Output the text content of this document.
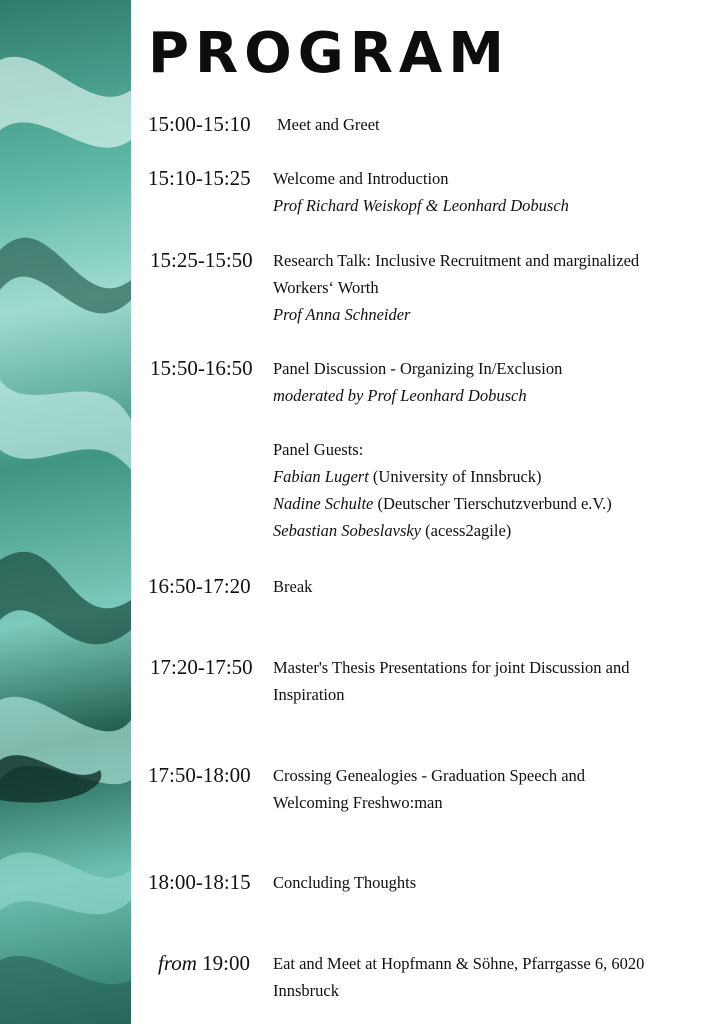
PROGRAM
15:00-15:10 Meet and Greet
15:10-15:25 Welcome and Introduction
Prof Richard Weiskopf & Leonhard Dobusch
15:25-15:50 Research Talk: Inclusive Recruitment and marginalized
Workers‘ Worth
Prof Anna Schneider
15:50-16:50 Panel Discussion - Organizing In/Exclusion
moderated by Prof Leonhard Dobusch
Panel Guests:
Fabian Lugert (University of Innsbruck)
Nadine Schulte (Deutscher Tierschutzverbund e.V.)
Sebastian Sobeslavsky (acess2agile)
16:50-17:20 Break
17:20-17:50 Master's Thesis Presentations for joint Discussion and
Inspiration
17:50-18:00 Crossing Genealogies - Graduation Speech and
Welcoming Freshwo:man
18:00-18:15 Concluding Thoughts
from 19:00 Eat and Meet at Hopfmann & Söhne, Pfarrgasse 6, 6020
Innsbruck
